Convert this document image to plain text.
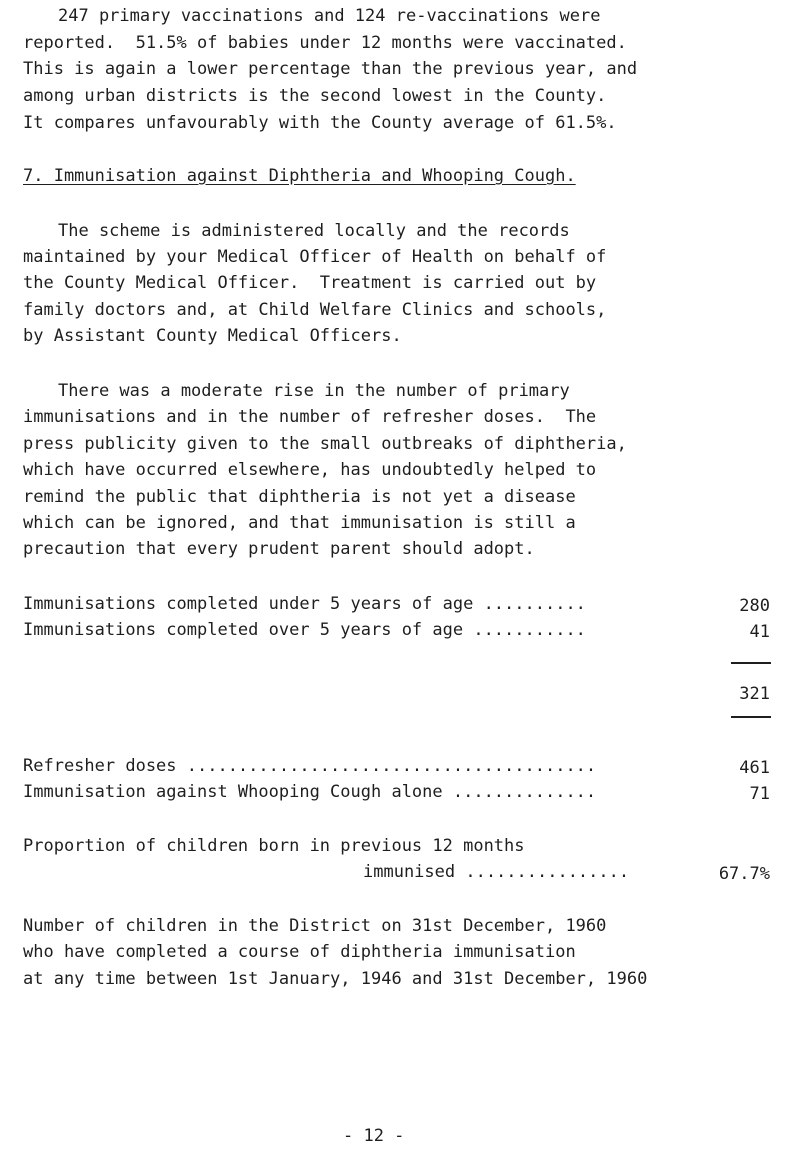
247 primary vaccinations and 124 re-vaccinations were
reported.  51.5% of babies under 12 months were vaccinated.
This is again a lower percentage than the previous year, and
among urban districts is the second lowest in the County.
It compares unfavourably with the County average of 61.5%.
7. Immunisation against Diphtheria and Whooping Cough.
The scheme is administered locally and the records
maintained by your Medical Officer of Health on behalf of
the County Medical Officer.  Treatment is carried out by
family doctors and, at Child Welfare Clinics and schools,
by Assistant County Medical Officers.
There was a moderate rise in the number of primary
immunisations and in the number of refresher doses.  The
press publicity given to the small outbreaks of diphtheria,
which have occurred elsewhere, has undoubtedly helped to
remind the public that diphtheria is not yet a disease
which can be ignored, and that immunisation is still a
precaution that every prudent parent should adopt.
Immunisations completed under 5 years of age ..........	280
Immunisations completed over 5 years of age ...........	41
321
Refresher doses ........................................	461
Immunisation against Whooping Cough alone ..............	71
Proportion of children born in previous 12 months
immunised ................	67.7%
Number of children in the District on 31st December, 1960
who have completed a course of diphtheria immunisation
at any time between 1st January, 1946 and 31st December, 1960
- 12 -
